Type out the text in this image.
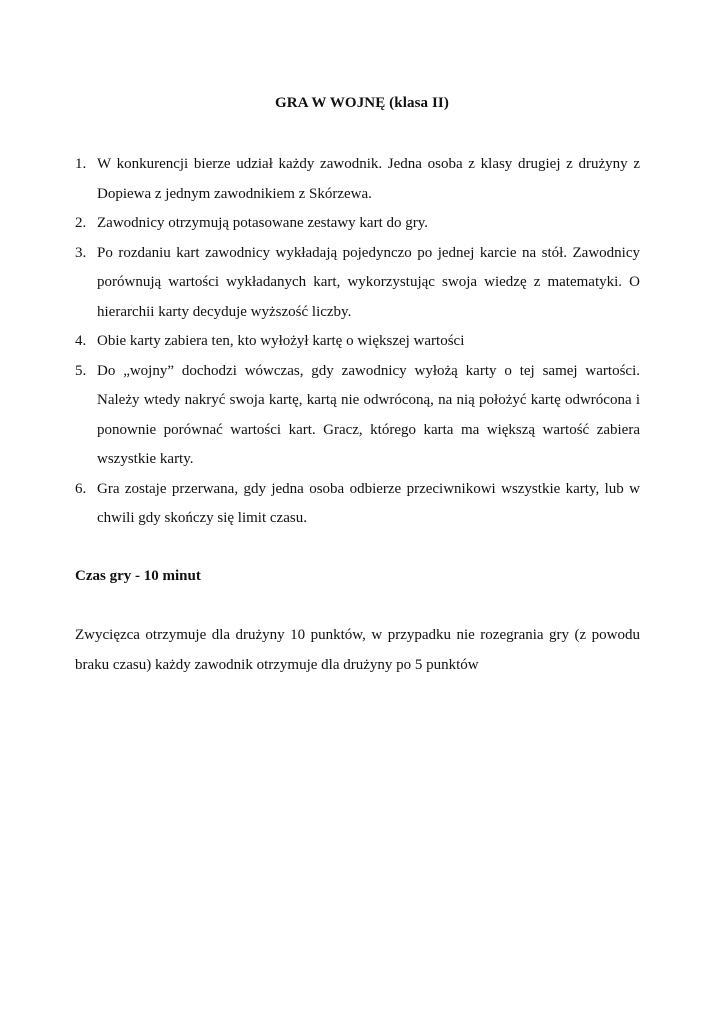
GRA W WOJNĘ (klasa II)
1. W konkurencji bierze udział każdy zawodnik. Jedna osoba z klasy drugiej z drużyny z Dopiewa z jednym zawodnikiem z Skórzewa.
2. Zawodnicy otrzymują potasowane zestawy kart do gry.
3. Po rozdaniu kart zawodnicy wykładają pojedynczo po jednej karcie na stół. Zawodnicy porównują wartości wykładanych kart, wykorzystując swoja wiedzę z matematyki. O hierarchii karty decyduje wyższość liczby.
4. Obie karty zabiera ten, kto wyłożył kartę o większej wartości
5. Do „wojny” dochodzi wówczas, gdy zawodnicy wyłożą karty o tej samej wartości. Należy wtedy nakryć swoja kartę, kartą nie odwróconą, na nią położyć kartę odwrócona i ponownie porównać wartości kart. Gracz, którego karta ma większą wartość zabiera wszystkie karty.
6. Gra zostaje przerwana, gdy jedna osoba odbierze przeciwnikowi wszystkie karty, lub w chwili gdy skończy się limit czasu.
Czas gry - 10 minut

Zwycięzca otrzymuje dla drużyny 10 punktów, w przypadku nie rozegrania gry (z powodu braku czasu) każdy zawodnik otrzymuje dla drużyny po 5 punktów
